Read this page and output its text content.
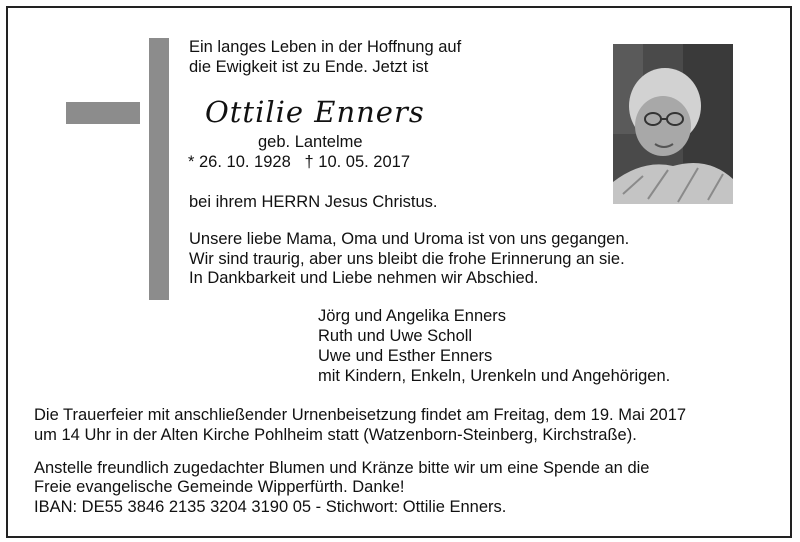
Ein langes Leben in der Hoffnung auf
die Ewigkeit ist zu Ende. Jetzt ist
Ottilie Enners
geb. Lantelme
* 26. 10. 1928   † 10. 05. 2017
bei ihrem HERRN Jesus Christus.
Unsere liebe Mama, Oma und Uroma ist von uns gegangen.
Wir sind traurig, aber uns bleibt die frohe Erinnerung an sie.
In Dankbarkeit und Liebe nehmen wir Abschied.
Jörg und Angelika Enners
Ruth und Uwe Scholl
Uwe und Esther Enners
mit Kindern, Enkeln, Urenkeln und Angehörigen.
Die Trauerfeier mit anschließender Urnenbeisetzung findet am Freitag, dem 19. Mai 2017
um 14 Uhr in der Alten Kirche Pohlheim statt (Watzenborn-Steinberg, Kirchstraße).
Anstelle freundlich zugedachter Blumen und Kränze bitte wir um eine Spende an die
Freie evangelische Gemeinde Wipperfürth. Danke!
IBAN: DE55 3846 2135 3204 3190 05 - Stichwort: Ottilie Enners.
